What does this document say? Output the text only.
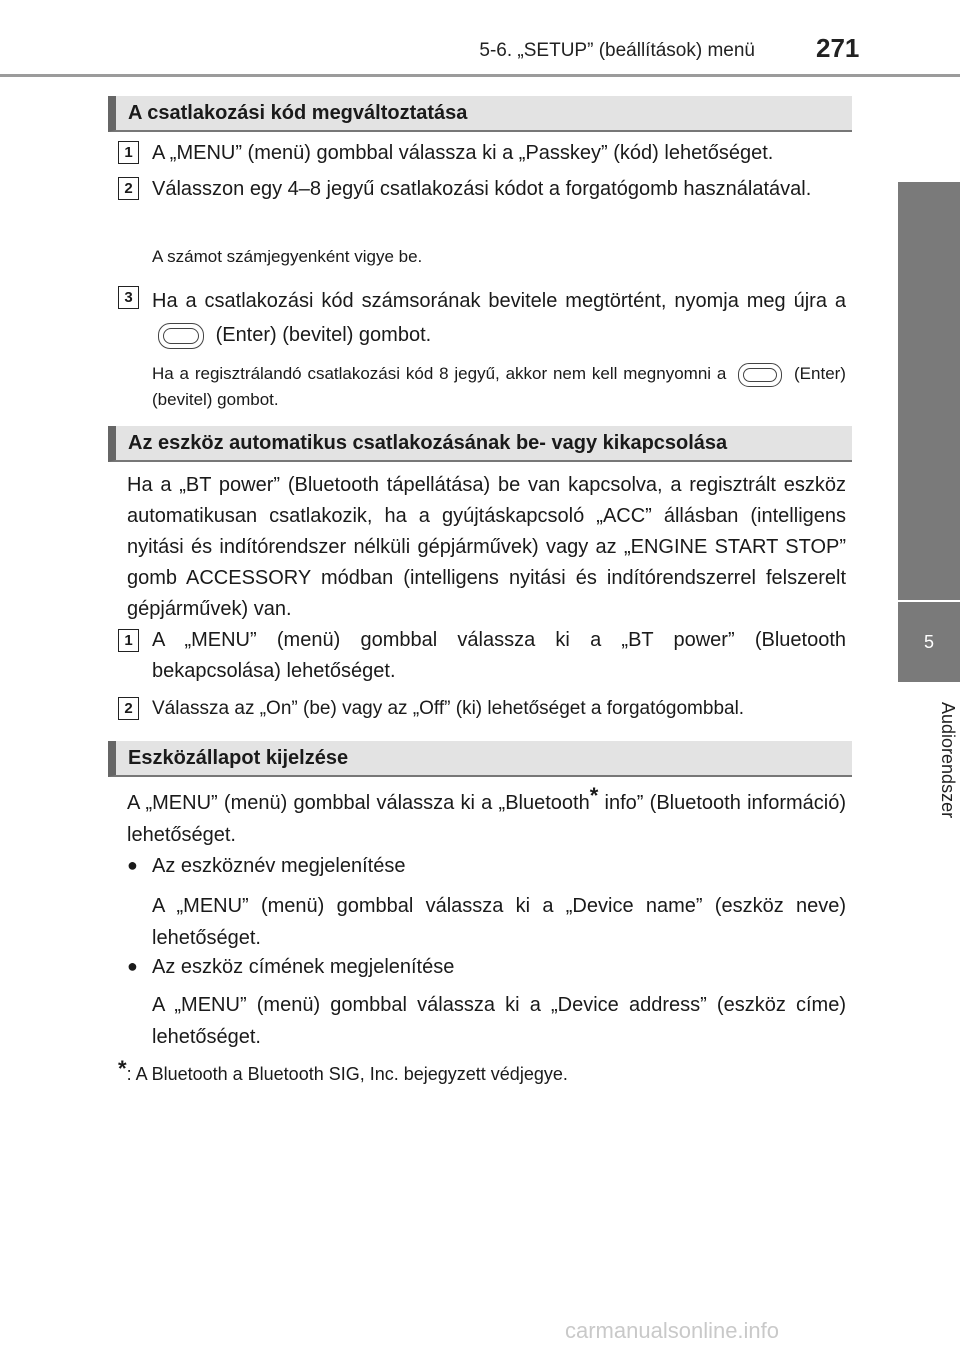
5-6. „SETUP” (beállítások) menü 271
5
Audiorendszer
A csatlakozási kód megváltoztatása
1 A „MENU” (menü) gombbal válassza ki a „Passkey” (kód) lehetőséget.
2 Válasszon egy 4–8 jegyű csatlakozási kódot a forgatógomb használatával.
A számot számjegyenként vigye be.
3 Ha a csatlakozási kód számsorának bevitele megtörtént, nyomja meg újra a  (Enter) (bevitel) gombot.
Ha a regisztrálandó csatlakozási kód 8 jegyű, akkor nem kell megnyomni a	(Enter) (bevitel) gombot.
Az eszköz automatikus csatlakozásának be- vagy kikapcsolása
Ha a „BT power” (Bluetooth tápellátása) be van kapcsolva, a regisztrált eszköz automatikusan csatlakozik, ha a gyújtáskapcsoló „ACC” állásban (intelligens nyitási és indítórendszer nélküli gépjárművek) vagy az „ENGINE START STOP” gomb ACCESSORY módban (intelligens nyitási és indítórendszerrel felszerelt gépjárművek) van.
1 A „MENU” (menü) gombbal válassza ki a „BT power” (Bluetooth bekapcsolása) lehetőséget.
2	Válassza az „On” (be) vagy az „Off” (ki) lehetőséget a forgatógombbal.
Eszközállapot kijelzése
A „MENU” (menü) gombbal válassza ki a „Bluetooth* info” (Bluetooth információ) lehetőséget.
● Az eszköznév megjelenítése
A „MENU” (menü) gombbal válassza ki a „Device name” (eszköz neve) lehetőséget.
● Az eszköz címének megjelenítése
A „MENU” (menü) gombbal válassza ki a „Device address” (eszköz címe) lehetőséget.
*: A Bluetooth a Bluetooth SIG, Inc. bejegyzett védjegye.
carmanualsonline.info
